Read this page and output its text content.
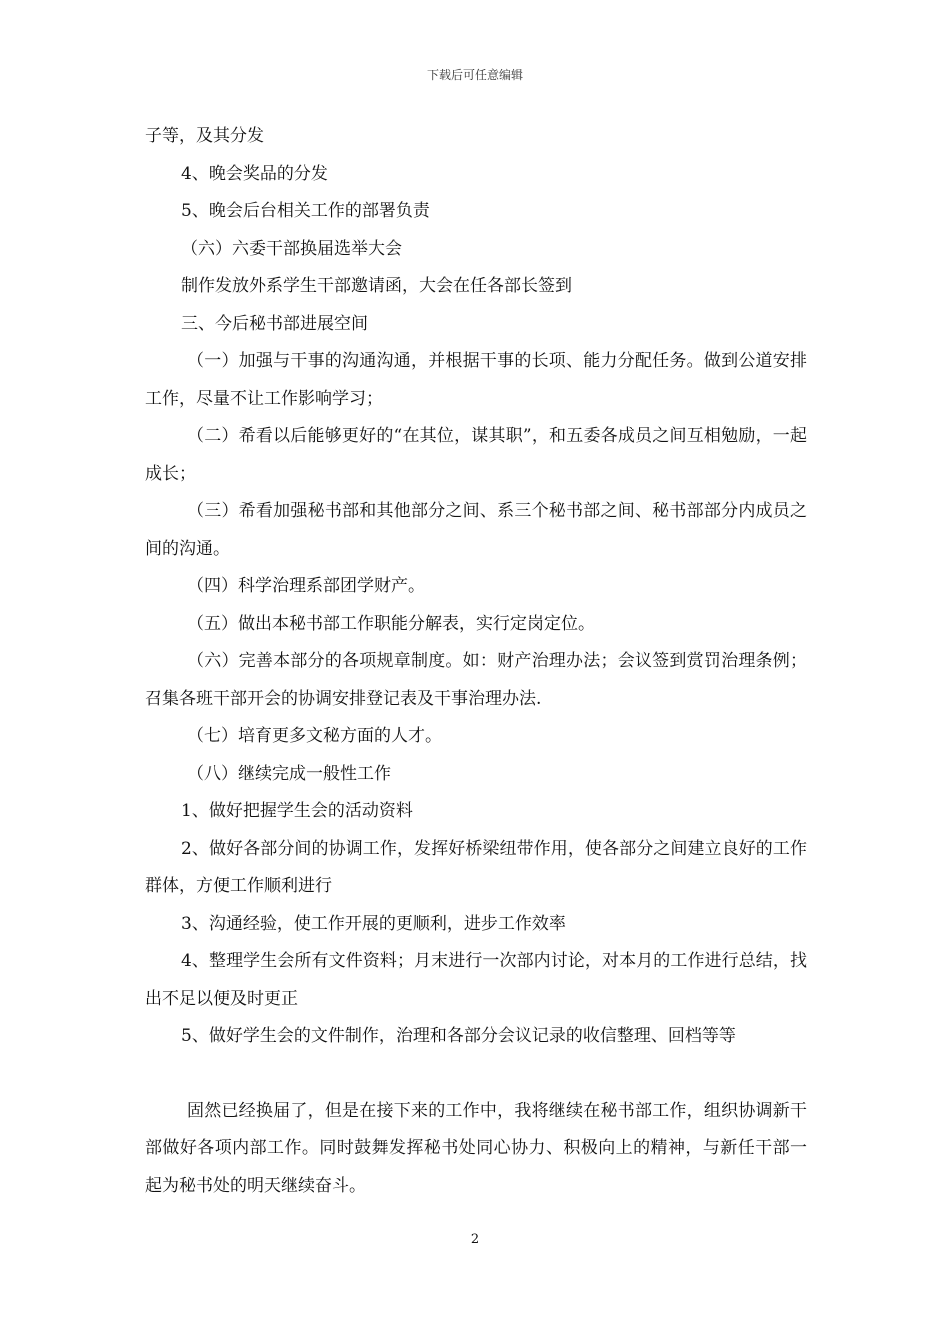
下载后可任意编辑

子等，及其分发

4、晚会奖品的分发

5、晚会后台相关工作的部署负责

（六）六委干部换届选举大会

制作发放外系学生干部邀请函，大会在任各部长签到

三、今后秘书部进展空间

（一）加强与干事的沟通沟通，并根据干事的长项、能力分配任务。做到公道安排工作，尽量不让工作影响学习；

（二）希看以后能够更好的“在其位，谋其职”，和五委各成员之间互相勉励，一起成长；

（三）希看加强秘书部和其他部分之间、系三个秘书部之间、秘书部部分内成员之间的沟通。

（四）科学治理系部团学财产。

（五）做出本秘书部工作职能分解表，实行定岗定位。

（六）完善本部分的各项规章制度。如：财产治理办法；会议签到赏罚治理条例；召集各班干部开会的协调安排登记表及干事治理办法.

（七）培育更多文秘方面的人才。

（八）继续完成一般性工作

1、做好把握学生会的活动资料

2、做好各部分间的协调工作，发挥好桥梁纽带作用，使各部分之间建立良好的工作群体，方便工作顺利进行

3、沟通经验，使工作开展的更顺利，进步工作效率

4、整理学生会所有文件资料；月末进行一次部内讨论，对本月的工作进行总结，找出不足以便及时更正

5、做好学生会的文件制作，治理和各部分会议记录的收信整理、回档等等

固然已经换届了，但是在接下来的工作中，我将继续在秘书部工作，组织协调新干部做好各项内部工作。同时鼓舞发挥秘书处同心协力、积极向上的精神，与新任干部一起为秘书处的明天继续奋斗。

2
